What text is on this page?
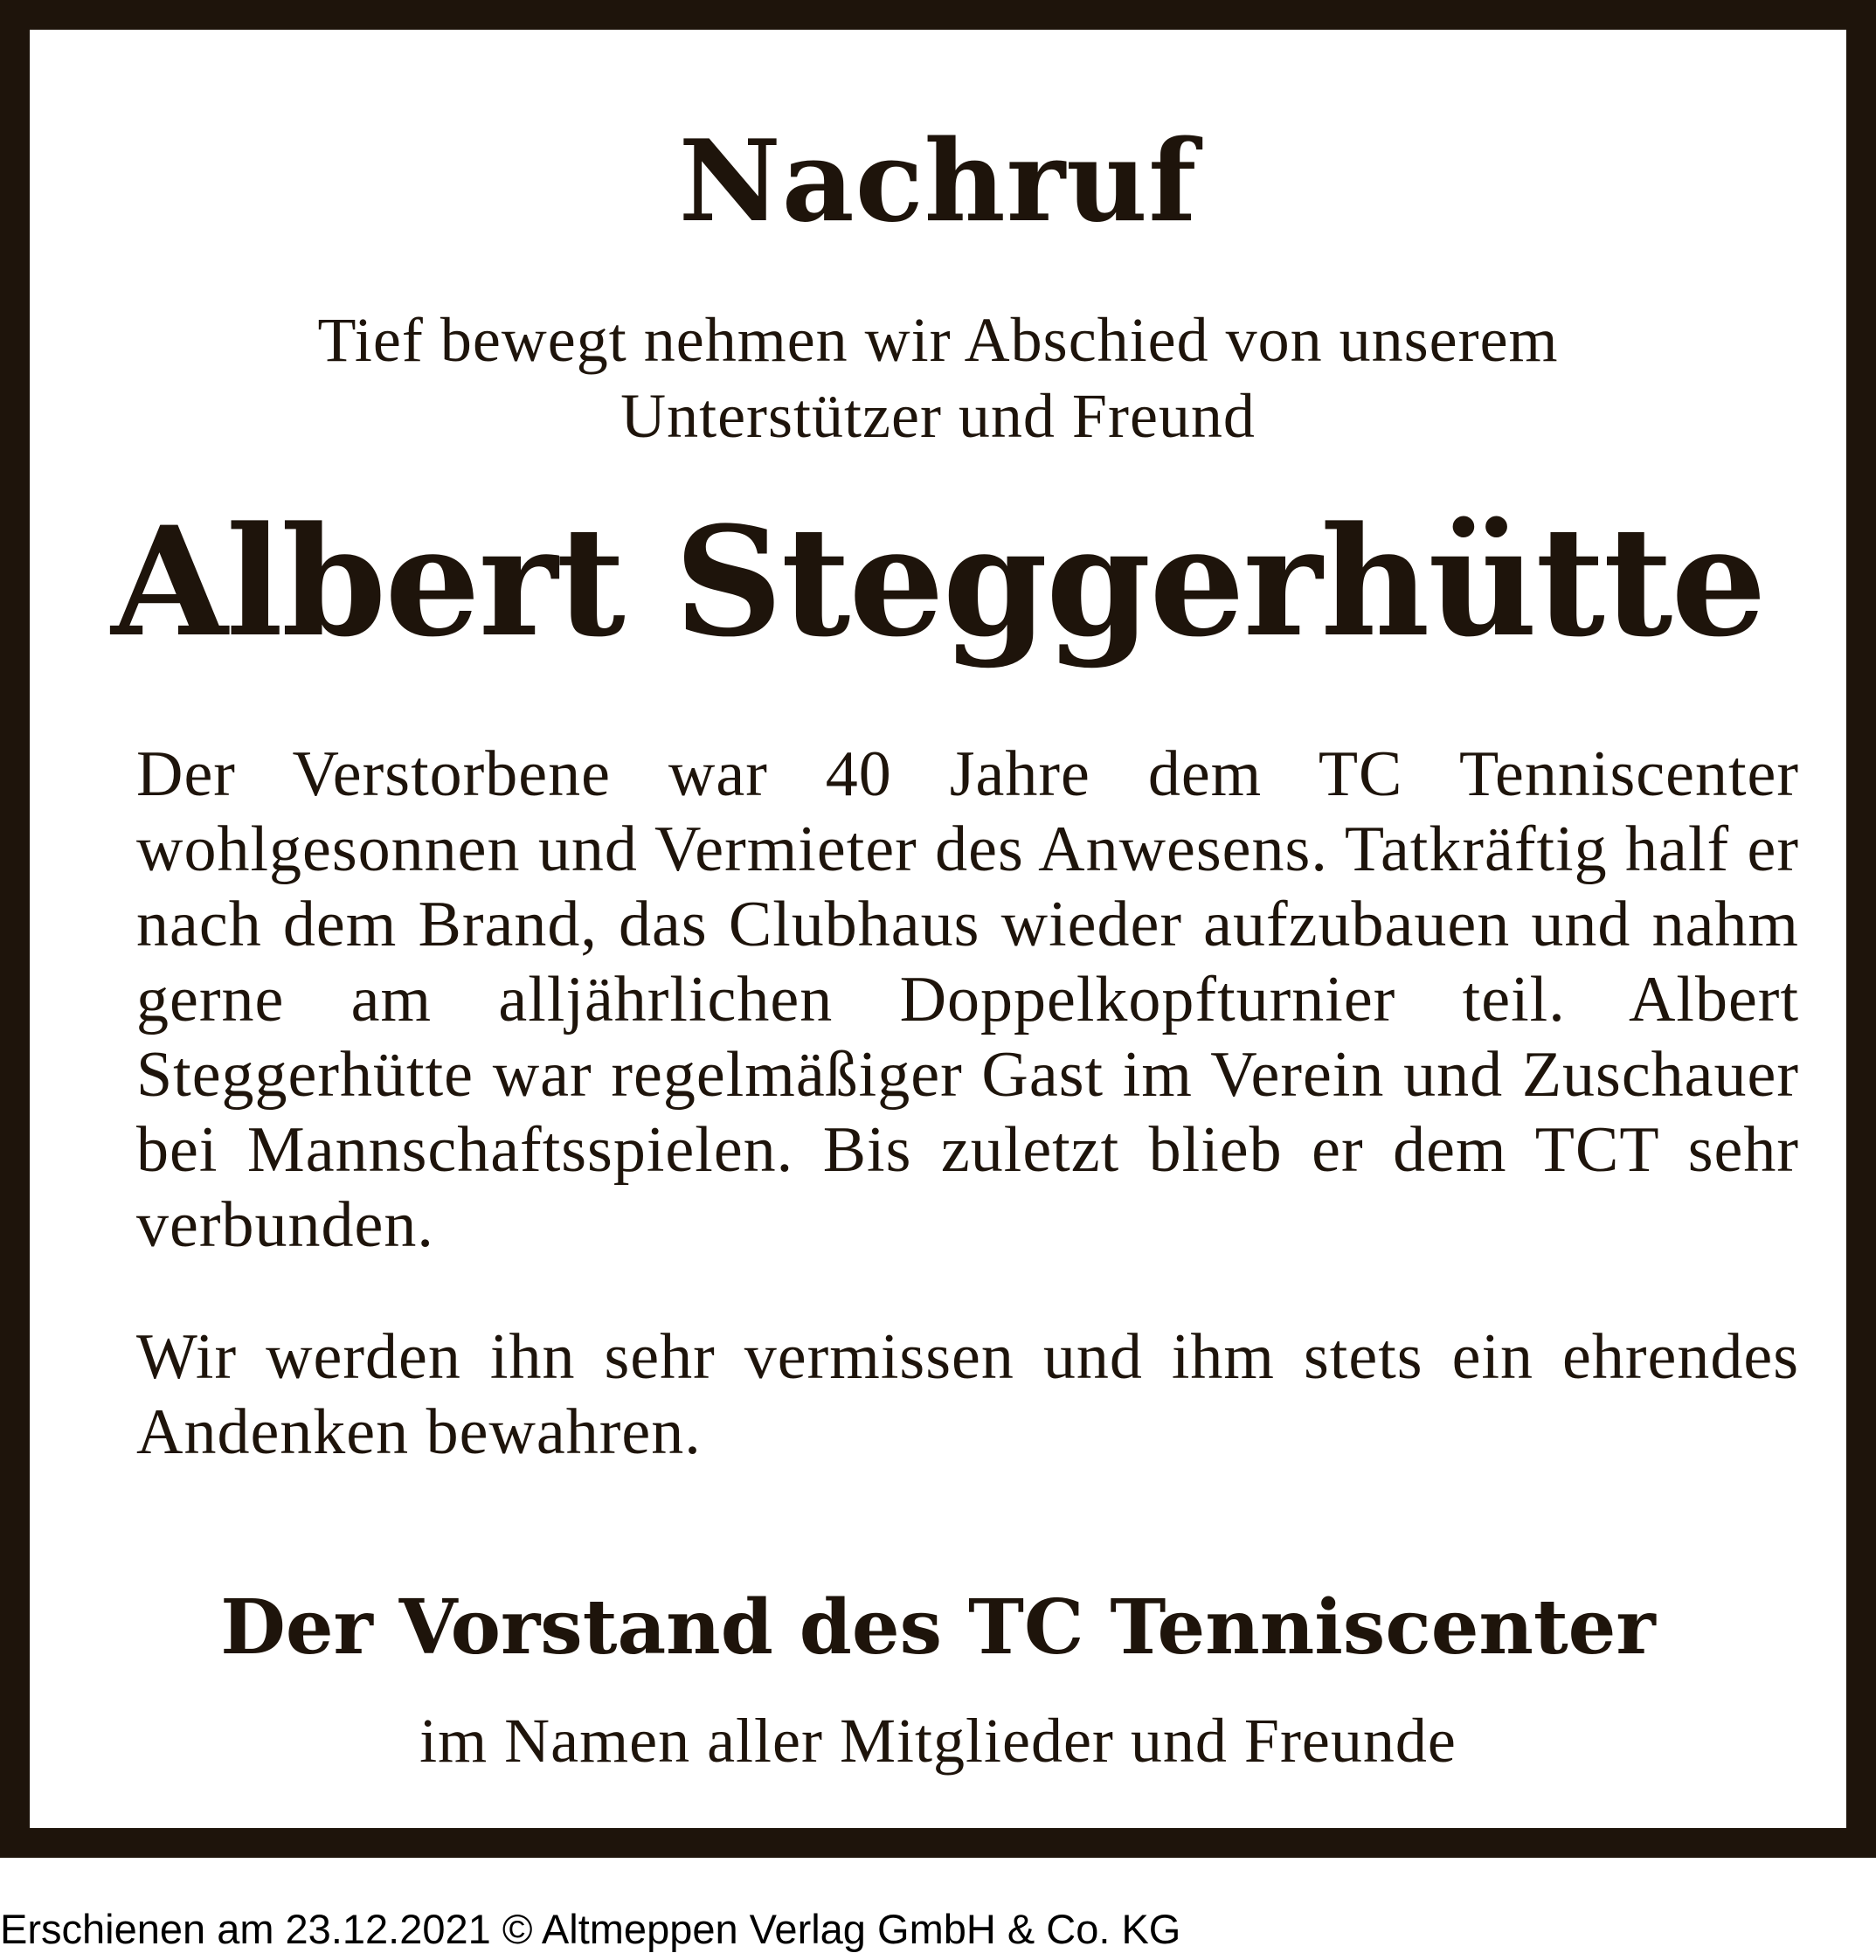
Nachruf
Tief bewegt nehmen wir Abschied von unserem
Unterstützer und Freund
Albert Steggerhütte

Der Verstorbene war 40 Jahre dem TC Tenniscenter wohlgesonnen und Vermieter des Anwesens. Tatkräftig half er nach dem Brand, das Clubhaus wieder aufzubauen und nahm gerne am alljährlichen Doppelkopfturnier teil. Albert Steggerhütte war regelmäßiger Gast im Verein und Zuschauer bei Mannschaftsspielen. Bis zuletzt blieb er dem TCT sehr verbunden.

Wir werden ihn sehr vermissen und ihm stets ein ehrendes Andenken bewahren.

Der Vorstand des TC Tenniscenter
im Namen aller Mitglieder und Freunde
Erschienen am 23.12.2021 © Altmeppen Verlag GmbH & Co. KG
